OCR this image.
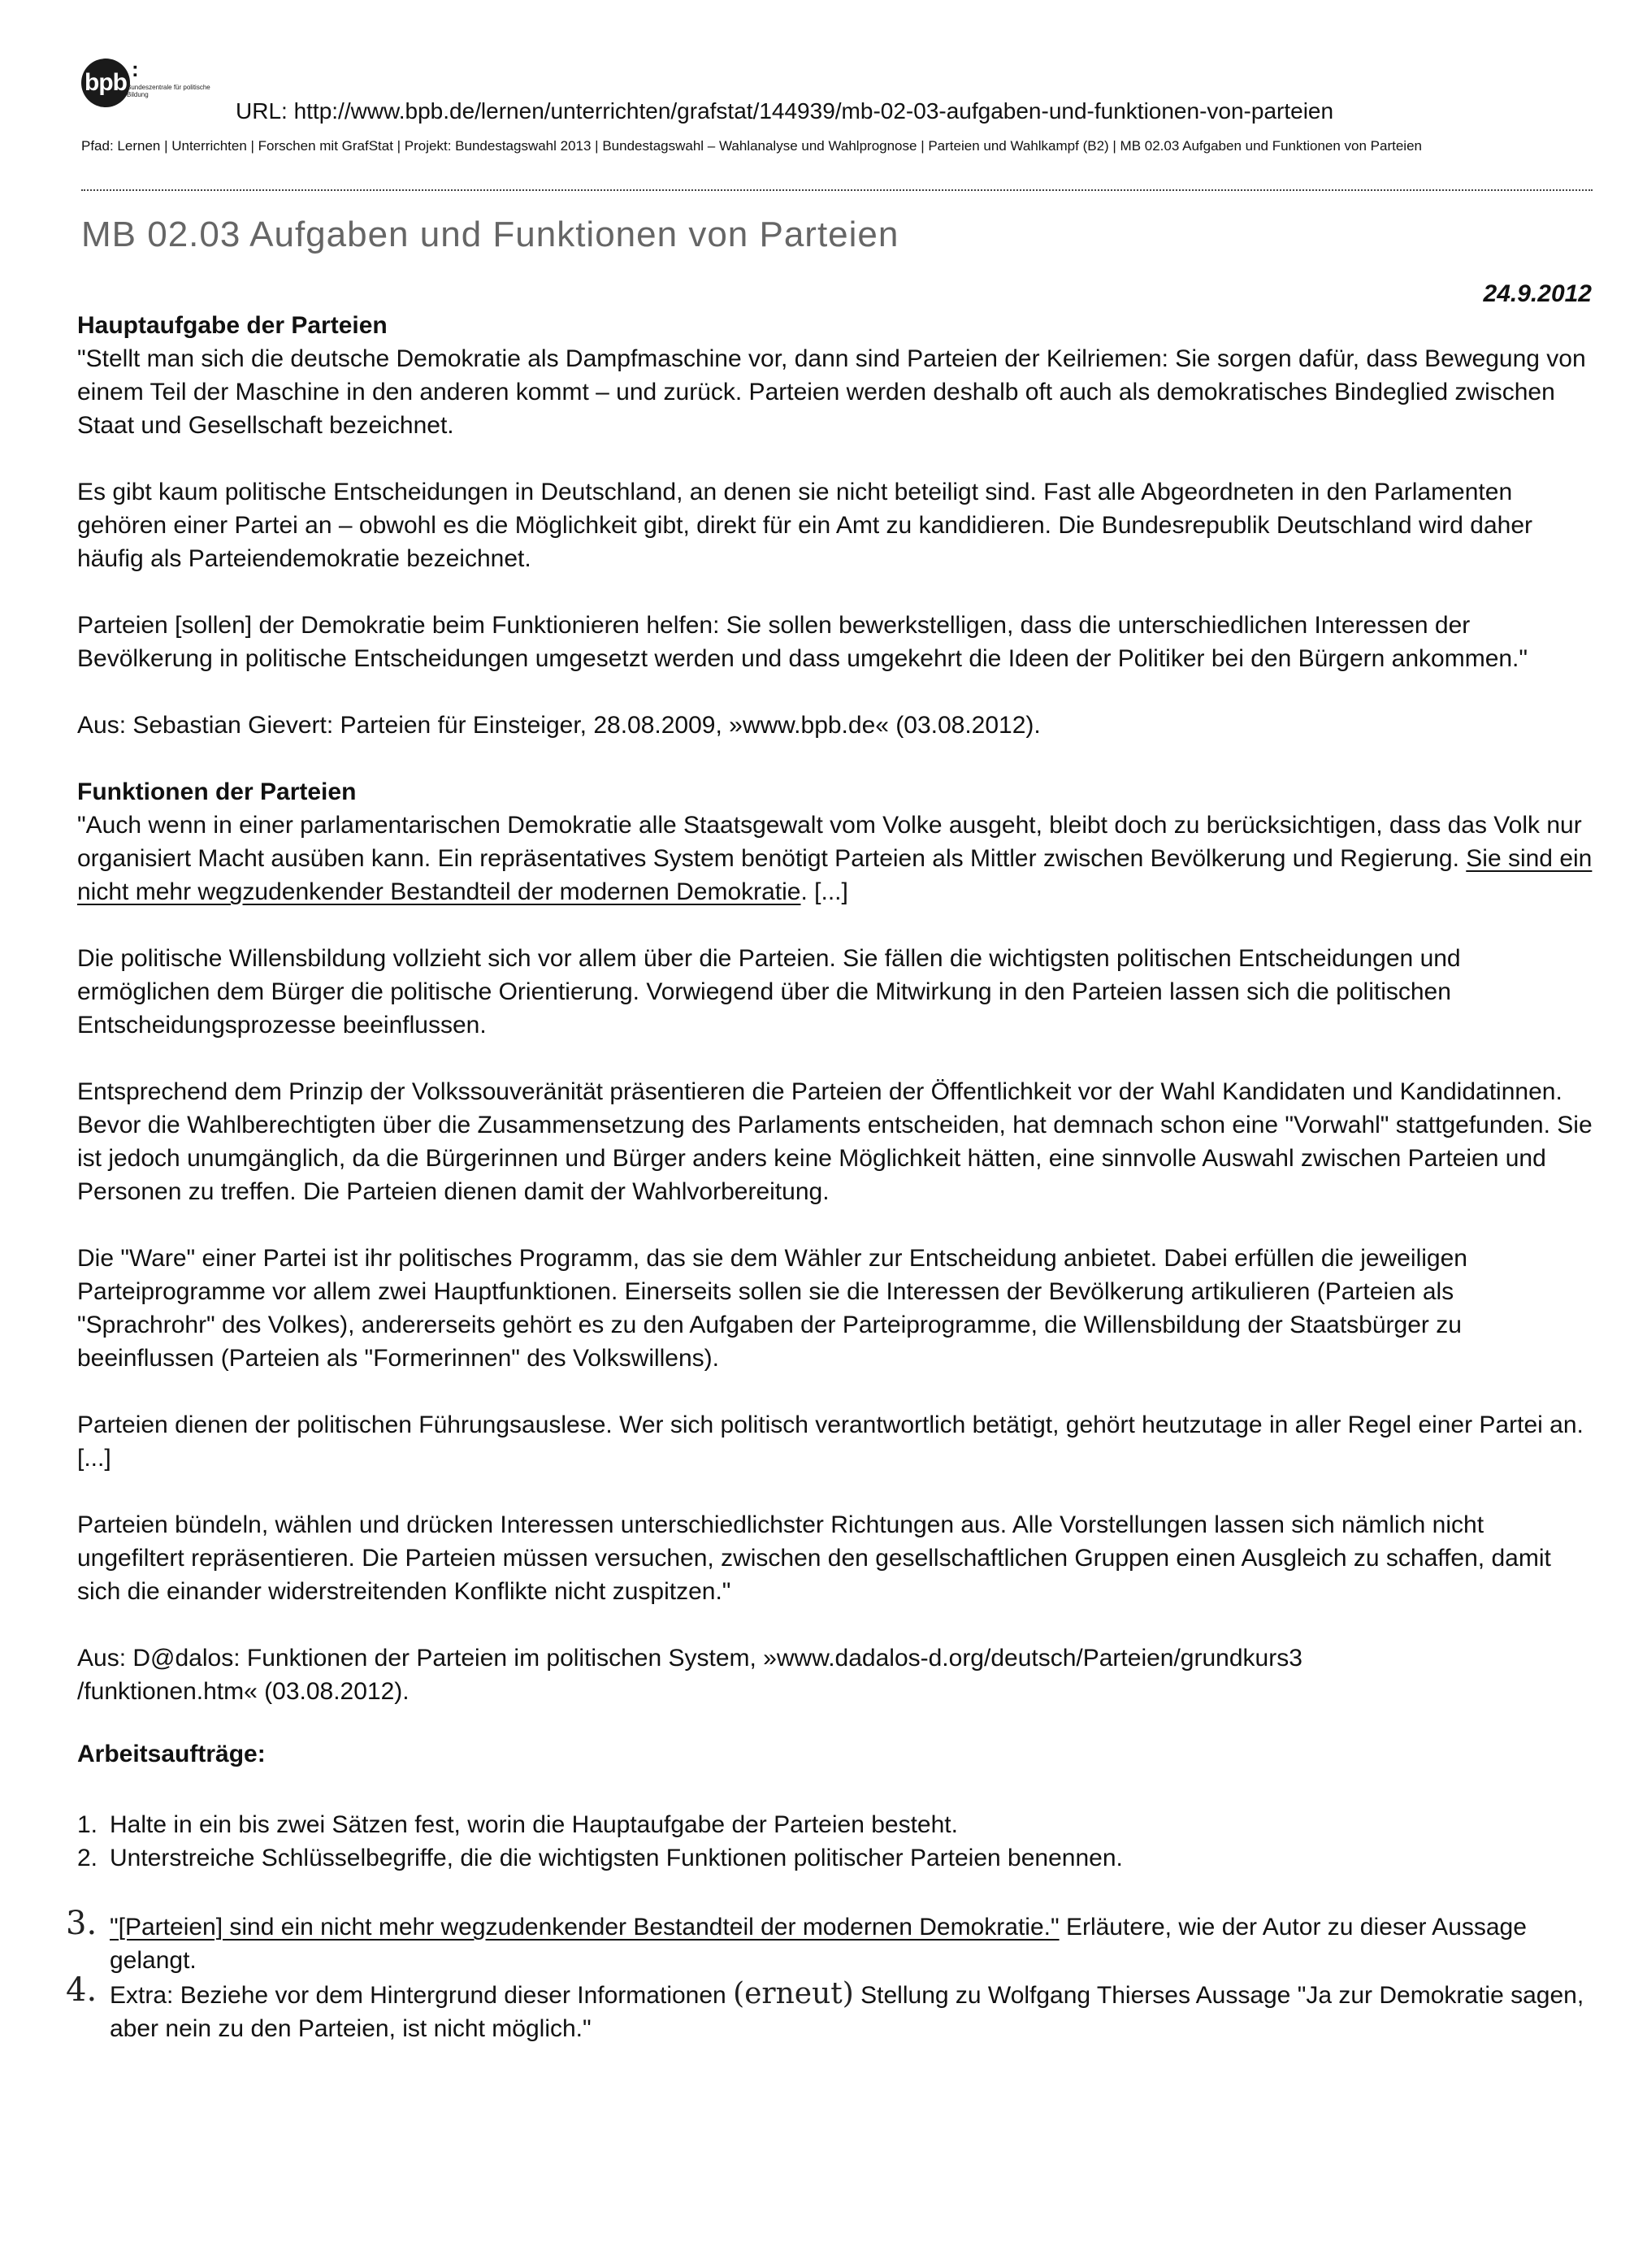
bpb :
Bundeszentrale für politische Bildung
URL: http://www.bpb.de/lernen/unterrichten/grafstat/144939/mb-02-03-aufgaben-und-funktionen-von-parteien
Pfad: Lernen | Unterrichten | Forschen mit GrafStat | Projekt: Bundestagswahl 2013 | Bundestagswahl – Wahlanalyse und Wahlprognose | Parteien und Wahlkampf (B2) | MB 02.03 Aufgaben und Funktionen von Parteien
MB 02.03 Aufgaben und Funktionen von Parteien
24.9.2012
Hauptaufgabe der Parteien

"Stellt man sich die deutsche Demokratie als Dampfmaschine vor, dann sind Parteien der Keilriemen: Sie sorgen dafür, dass Bewegung von einem Teil der Maschine in den anderen kommt – und zurück. Parteien werden deshalb oft auch als demokratisches Bindeglied zwischen Staat und Gesellschaft bezeichnet.

Es gibt kaum politische Entscheidungen in Deutschland, an denen sie nicht beteiligt sind. Fast alle Abgeordneten in den Parlamenten gehören einer Partei an – obwohl es die Möglichkeit gibt, direkt für ein Amt zu kandidieren. Die Bundesrepublik Deutschland wird daher häufig als Parteiendemokratie bezeichnet.

Parteien [sollen] der Demokratie beim Funktionieren helfen: Sie sollen bewerkstelligen, dass die unterschiedlichen Interessen der Bevölkerung in politische Entscheidungen umgesetzt werden und dass umgekehrt die Ideen der Politiker bei den Bürgern ankommen."

Aus: Sebastian Gievert: Parteien für Einsteiger, 28.08.2009, »www.bpb.de« (03.08.2012).

Funktionen der Parteien

"Auch wenn in einer parlamentarischen Demokratie alle Staatsgewalt vom Volke ausgeht, bleibt doch zu berücksichtigen, dass das Volk nur organisiert Macht ausüben kann. Ein repräsentatives System benötigt Parteien als Mittler zwischen Bevölkerung und Regierung. Sie sind ein nicht mehr wegzudenkender Bestandteil der modernen Demokratie. [...]

Die politische Willensbildung vollzieht sich vor allem über die Parteien. Sie fällen die wichtigsten politischen Entscheidungen und ermöglichen dem Bürger die politische Orientierung. Vorwiegend über die Mitwirkung in den Parteien lassen sich die politischen Entscheidungsprozesse beeinflussen.

Entsprechend dem Prinzip der Volkssouveränität präsentieren die Parteien der Öffentlichkeit vor der Wahl Kandidaten und Kandidatinnen. Bevor die Wahlberechtigten über die Zusammensetzung des Parlaments entscheiden, hat demnach schon eine "Vorwahl" stattgefunden. Sie ist jedoch unumgänglich, da die Bürgerinnen und Bürger anders keine Möglichkeit hätten, eine sinnvolle Auswahl zwischen Parteien und Personen zu treffen. Die Parteien dienen damit der Wahlvorbereitung.

Die "Ware" einer Partei ist ihr politisches Programm, das sie dem Wähler zur Entscheidung anbietet. Dabei erfüllen die jeweiligen Parteiprogramme vor allem zwei Hauptfunktionen. Einerseits sollen sie die Interessen der Bevölkerung artikulieren (Parteien als "Sprachrohr" des Volkes), andererseits gehört es zu den Aufgaben der Parteiprogramme, die Willensbildung der Staatsbürger zu beeinflussen (Parteien als "Formerinnen" des Volkswillens).

Parteien dienen der politischen Führungsauslese. Wer sich politisch verantwortlich betätigt, gehört heutzutage in aller Regel einer Partei an. [...]

Parteien bündeln, wählen und drücken Interessen unterschiedlichster Richtungen aus. Alle Vorstellungen lassen sich nämlich nicht ungefiltert repräsentieren. Die Parteien müssen versuchen, zwischen den gesellschaftlichen Gruppen einen Ausgleich zu schaffen, damit sich die einander widerstreitenden Konflikte nicht zuspitzen."

Aus: D@dalos: Funktionen der Parteien im politischen System, »www.dadalos-d.org/deutsch/Parteien/grundkurs3
/funktionen.htm« (03.08.2012).

Arbeitsaufträge:
1. Halte in ein bis zwei Sätzen fest, worin die Hauptaufgabe der Parteien besteht.
2. Unterstreiche Schlüsselbegriffe, die die wichtigsten Funktionen politischer Parteien benennen.
3. "[Parteien] sind ein nicht mehr wegzudenkender Bestandteil der modernen Demokratie." Erläutere, wie der Autor zu dieser Aussage gelangt.
4. Extra: Beziehe vor dem Hintergrund dieser Informationen (erneut) Stellung zu Wolfgang Thierses Aussage "Ja zur Demokratie sagen, aber nein zu den Parteien, ist nicht möglich."
